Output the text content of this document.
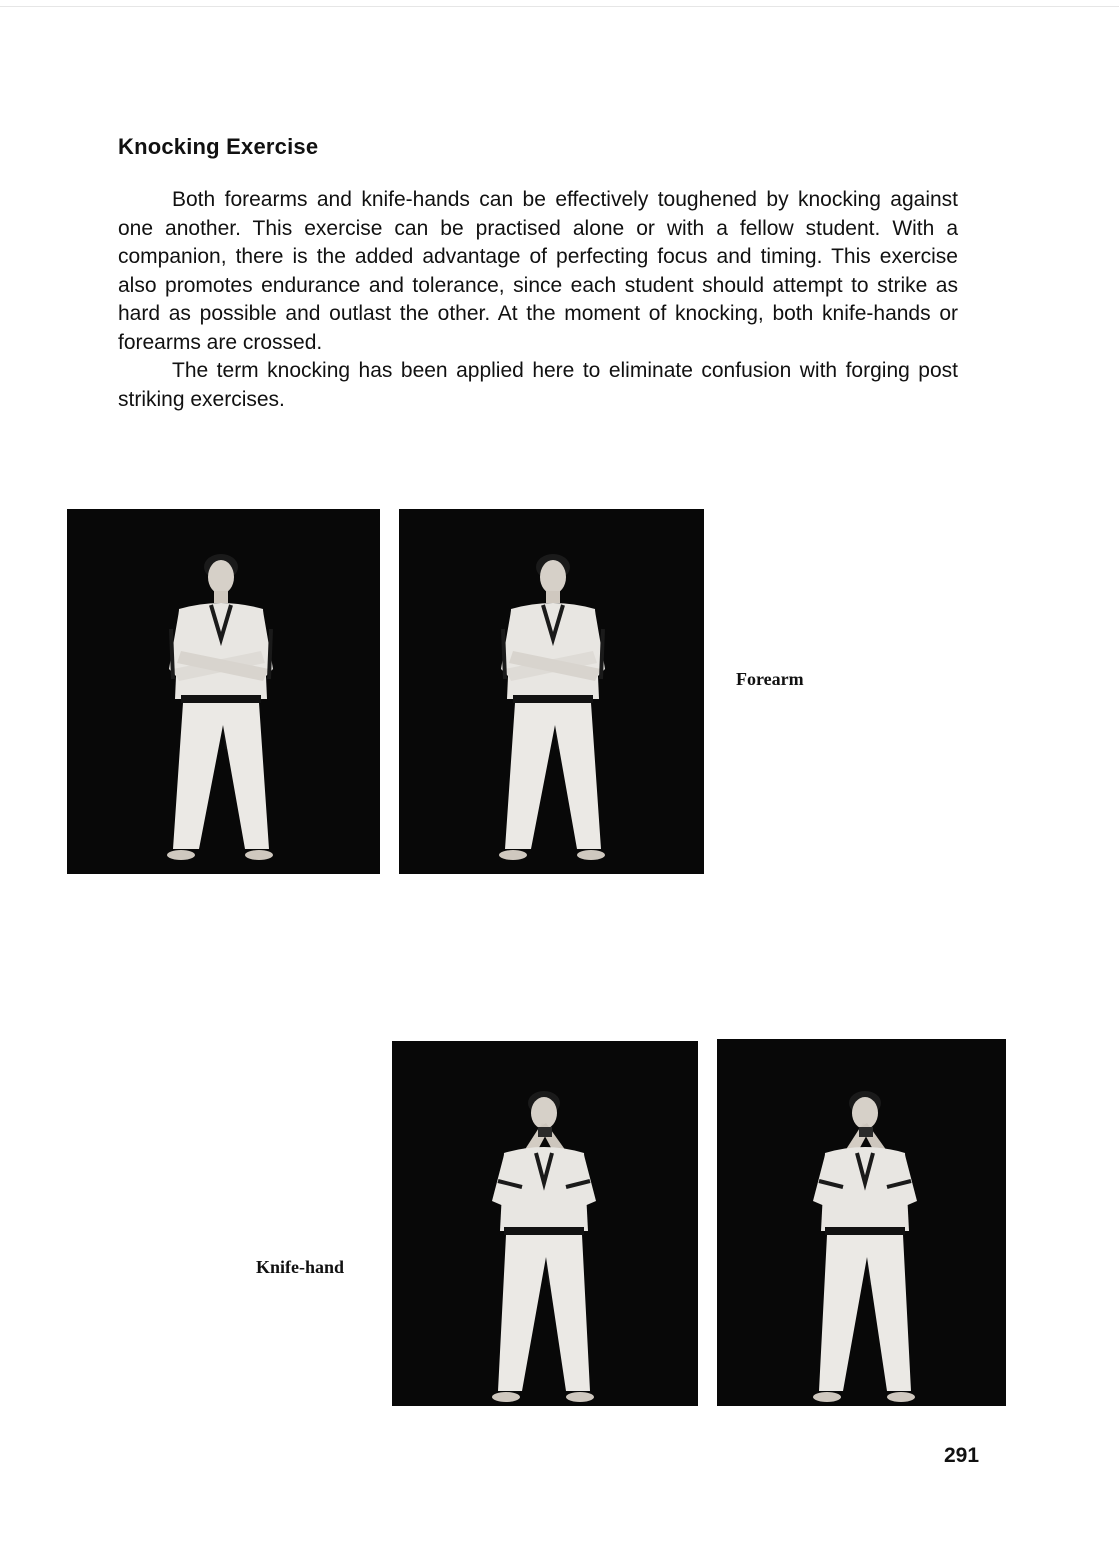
Knocking Exercise

Both forearms and knife-hands can be effectively toughened by knocking against one another. This exercise can be practised alone or with a fellow student. With a companion, there is the added advantage of perfecting focus and timing. This exercise also promotes endurance and tolerance, since each student should attempt to strike as hard as possible and outlast the other. At the moment of knocking, both knife-hands or forearms are crossed.

The term knocking has been applied here to eliminate confusion with forging post striking exercises.

Forearm
Knife-hand
291
